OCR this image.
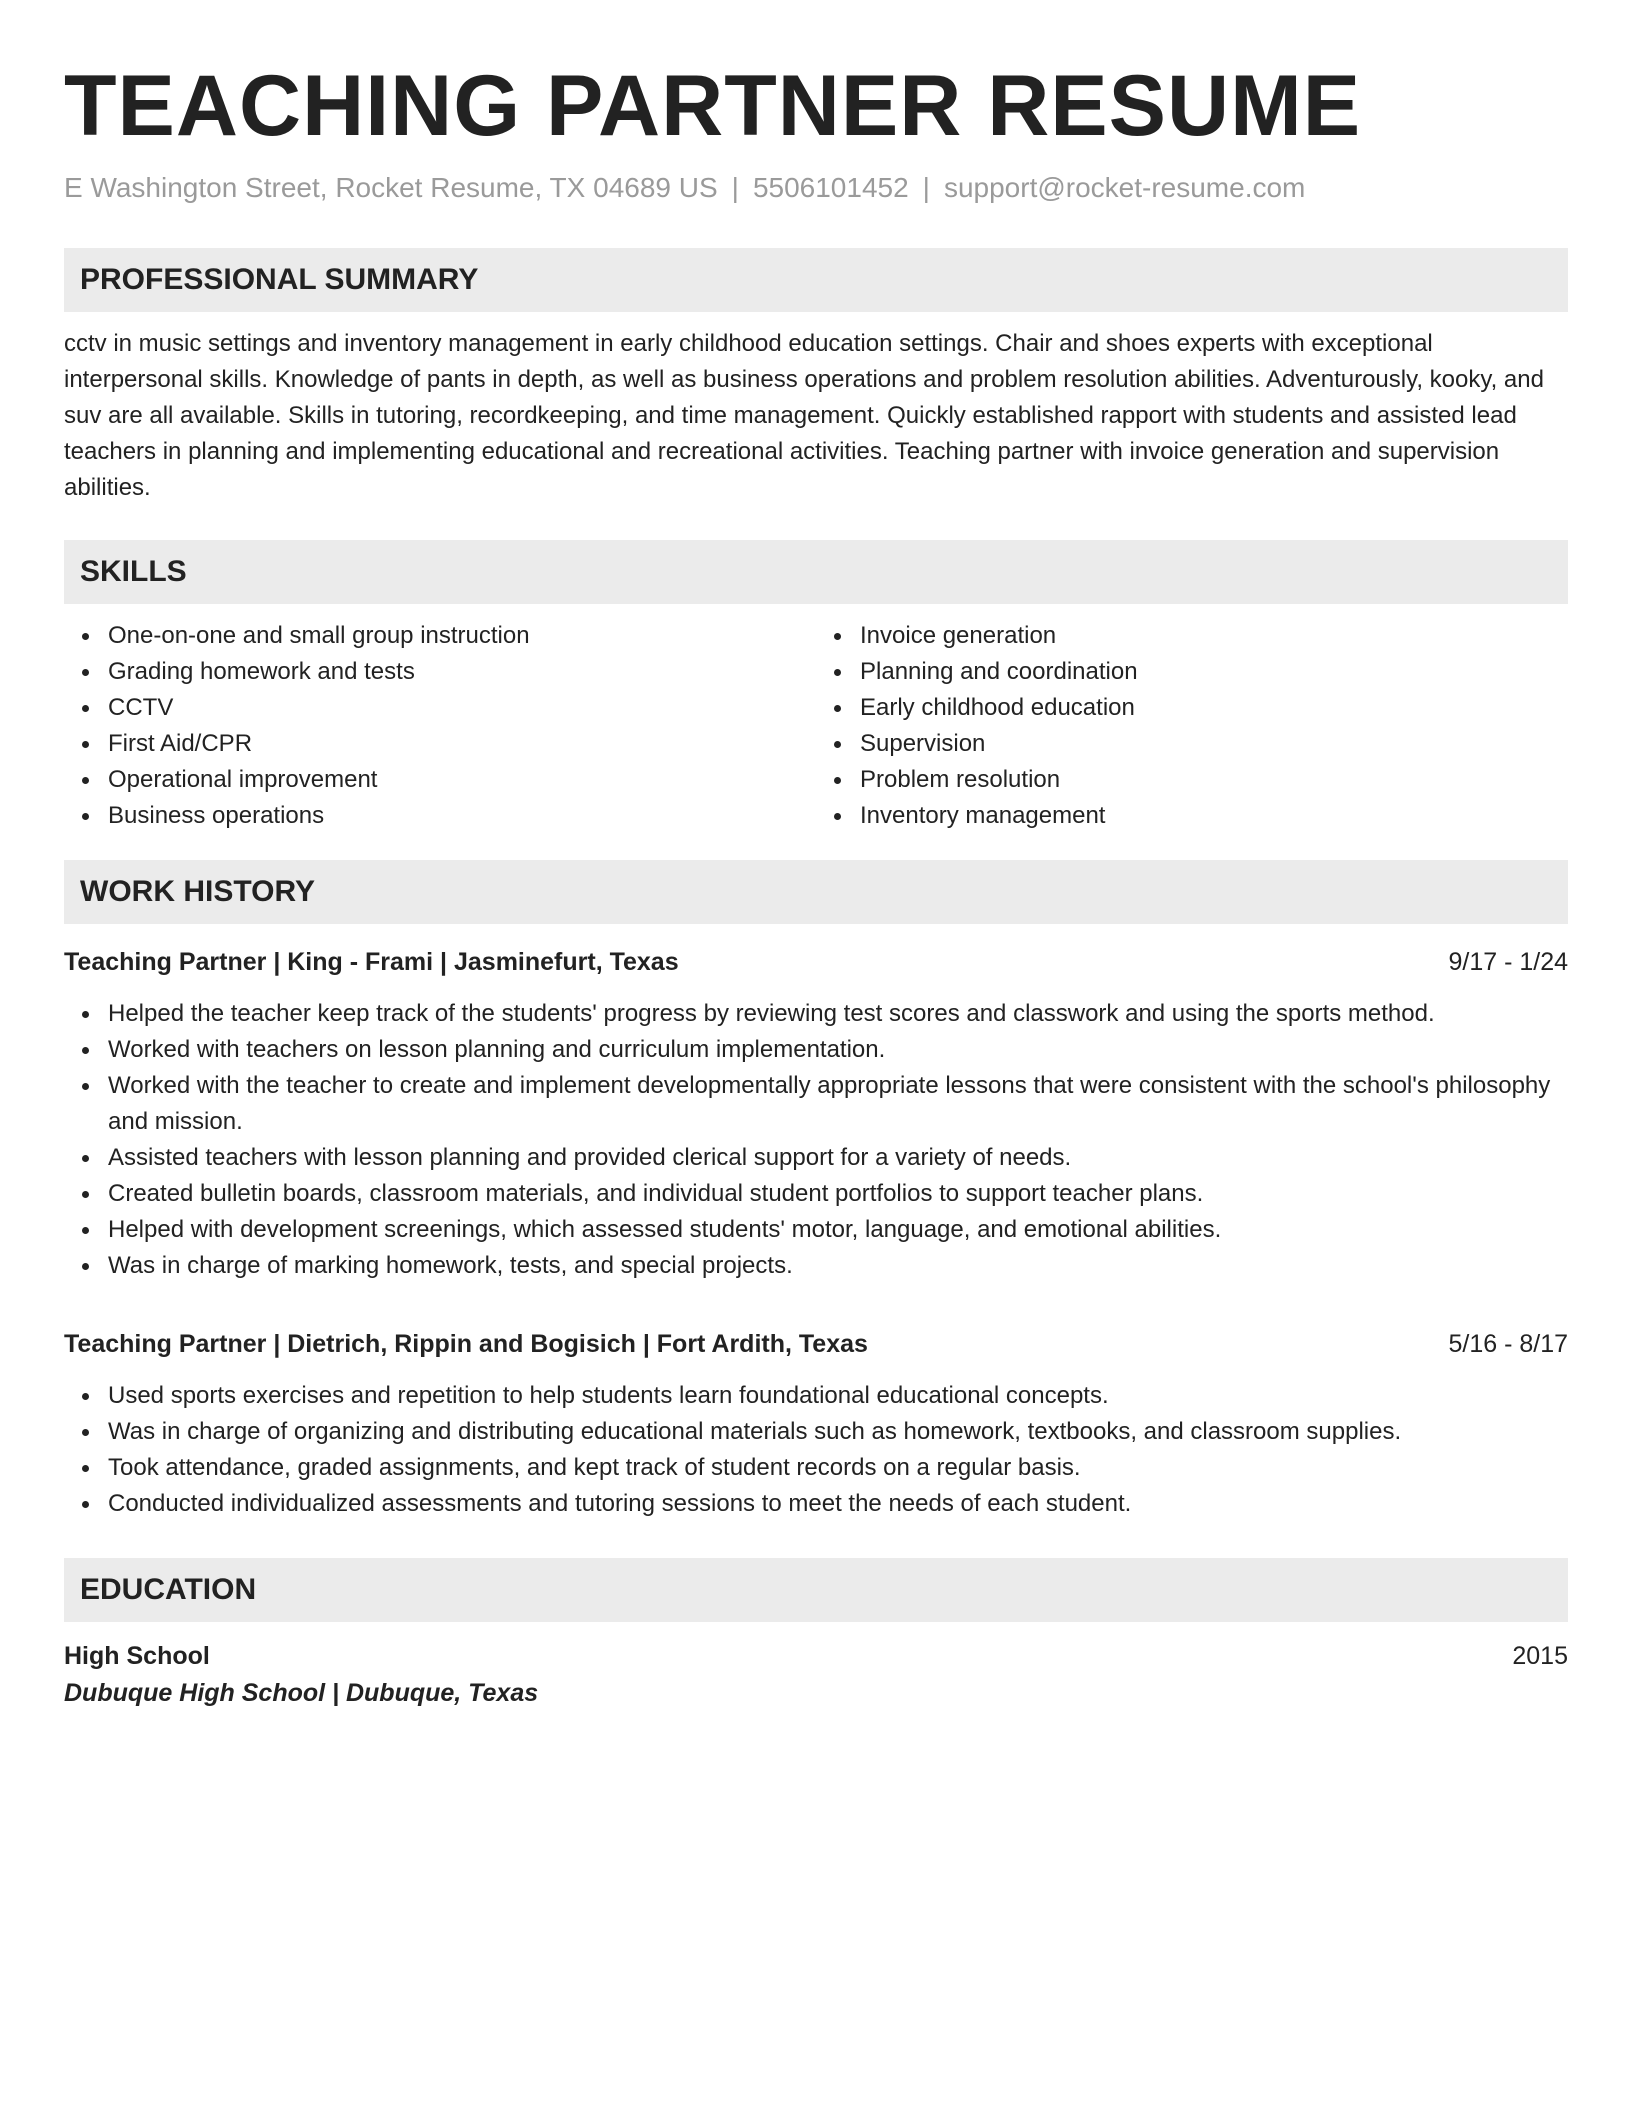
TEACHING PARTNER RESUME
E Washington Street, Rocket Resume, TX 04689 US | 5506101452 | support@rocket-resume.com
PROFESSIONAL SUMMARY
cctv in music settings and inventory management in early childhood education settings. Chair and shoes experts with exceptional interpersonal skills. Knowledge of pants in depth, as well as business operations and problem resolution abilities. Adventurously, kooky, and suv are all available. Skills in tutoring, recordkeeping, and time management. Quickly established rapport with students and assisted lead teachers in planning and implementing educational and recreational activities. Teaching partner with invoice generation and supervision abilities.
SKILLS
One-on-one and small group instruction
Grading homework and tests
CCTV
First Aid/CPR
Operational improvement
Business operations
Invoice generation
Planning and coordination
Early childhood education
Supervision
Problem resolution
Inventory management
WORK HISTORY
Teaching Partner | King - Frami | Jasminefurt, Texas	9/17 - 1/24
Helped the teacher keep track of the students' progress by reviewing test scores and classwork and using the sports method.
Worked with teachers on lesson planning and curriculum implementation.
Worked with the teacher to create and implement developmentally appropriate lessons that were consistent with the school's philosophy and mission.
Assisted teachers with lesson planning and provided clerical support for a variety of needs.
Created bulletin boards, classroom materials, and individual student portfolios to support teacher plans.
Helped with development screenings, which assessed students' motor, language, and emotional abilities.
Was in charge of marking homework, tests, and special projects.
Teaching Partner | Dietrich, Rippin and Bogisich | Fort Ardith, Texas	5/16 - 8/17
Used sports exercises and repetition to help students learn foundational educational concepts.
Was in charge of organizing and distributing educational materials such as homework, textbooks, and classroom supplies.
Took attendance, graded assignments, and kept track of student records on a regular basis.
Conducted individualized assessments and tutoring sessions to meet the needs of each student.
EDUCATION
High School	2015
Dubuque High School | Dubuque, Texas
